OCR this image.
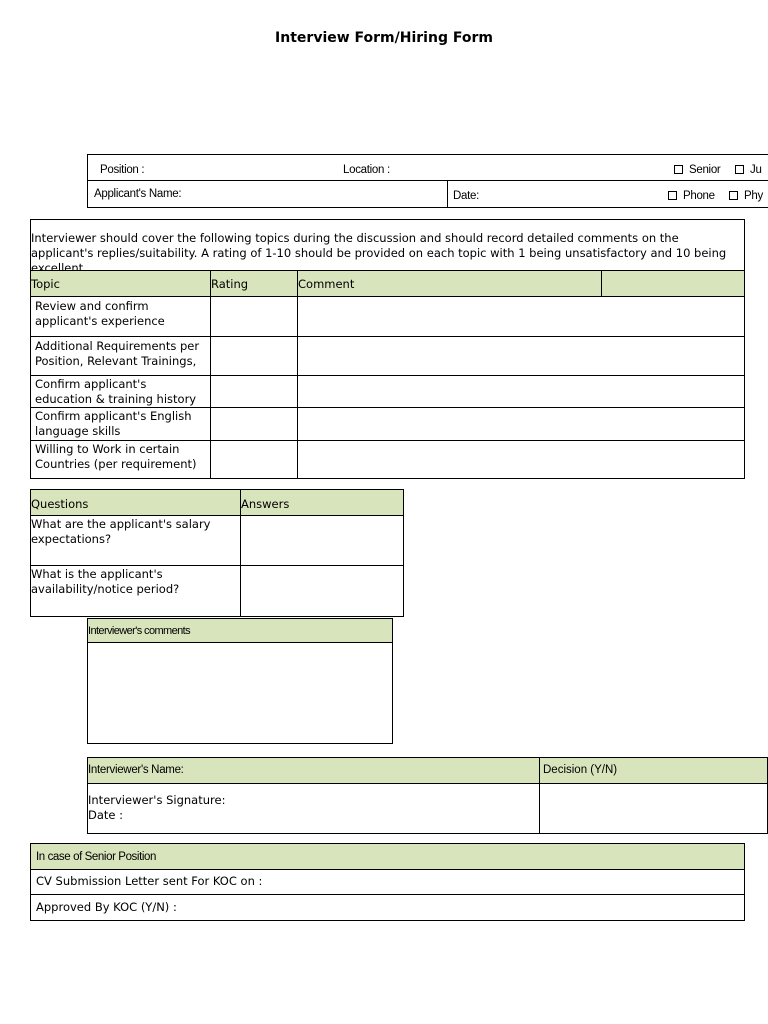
Interview Form/Hiring Form
Position :	Location :	Senior	Ju
Applicant's Name:	Date:	Phone	Phy
Interviewer should cover the following topics during the discussion and should record detailed comments on the applicant's replies/suitability. A rating of 1-10 should be provided on each topic with 1 being unsatisfactory and 10 being excellent.
Topic	Rating	Comment	
Review and confirm applicant's experience			
Additional Requirements per Position, Relevant Trainings,			
Confirm applicant's education & training history			
Confirm applicant's English language skills			
Willing to Work in certain Countries (per requirement)			
Questions	Answers
What are the applicant's salary expectations?	
What is the applicant's availability/notice period?	
Interviewer's comments
Interviewer's Name:	Decision (Y/N)

Interviewer's Signature:
Date :	

In case of Senior Position
CV Submission Letter sent For KOC on :
Approved By KOC (Y/N) :
